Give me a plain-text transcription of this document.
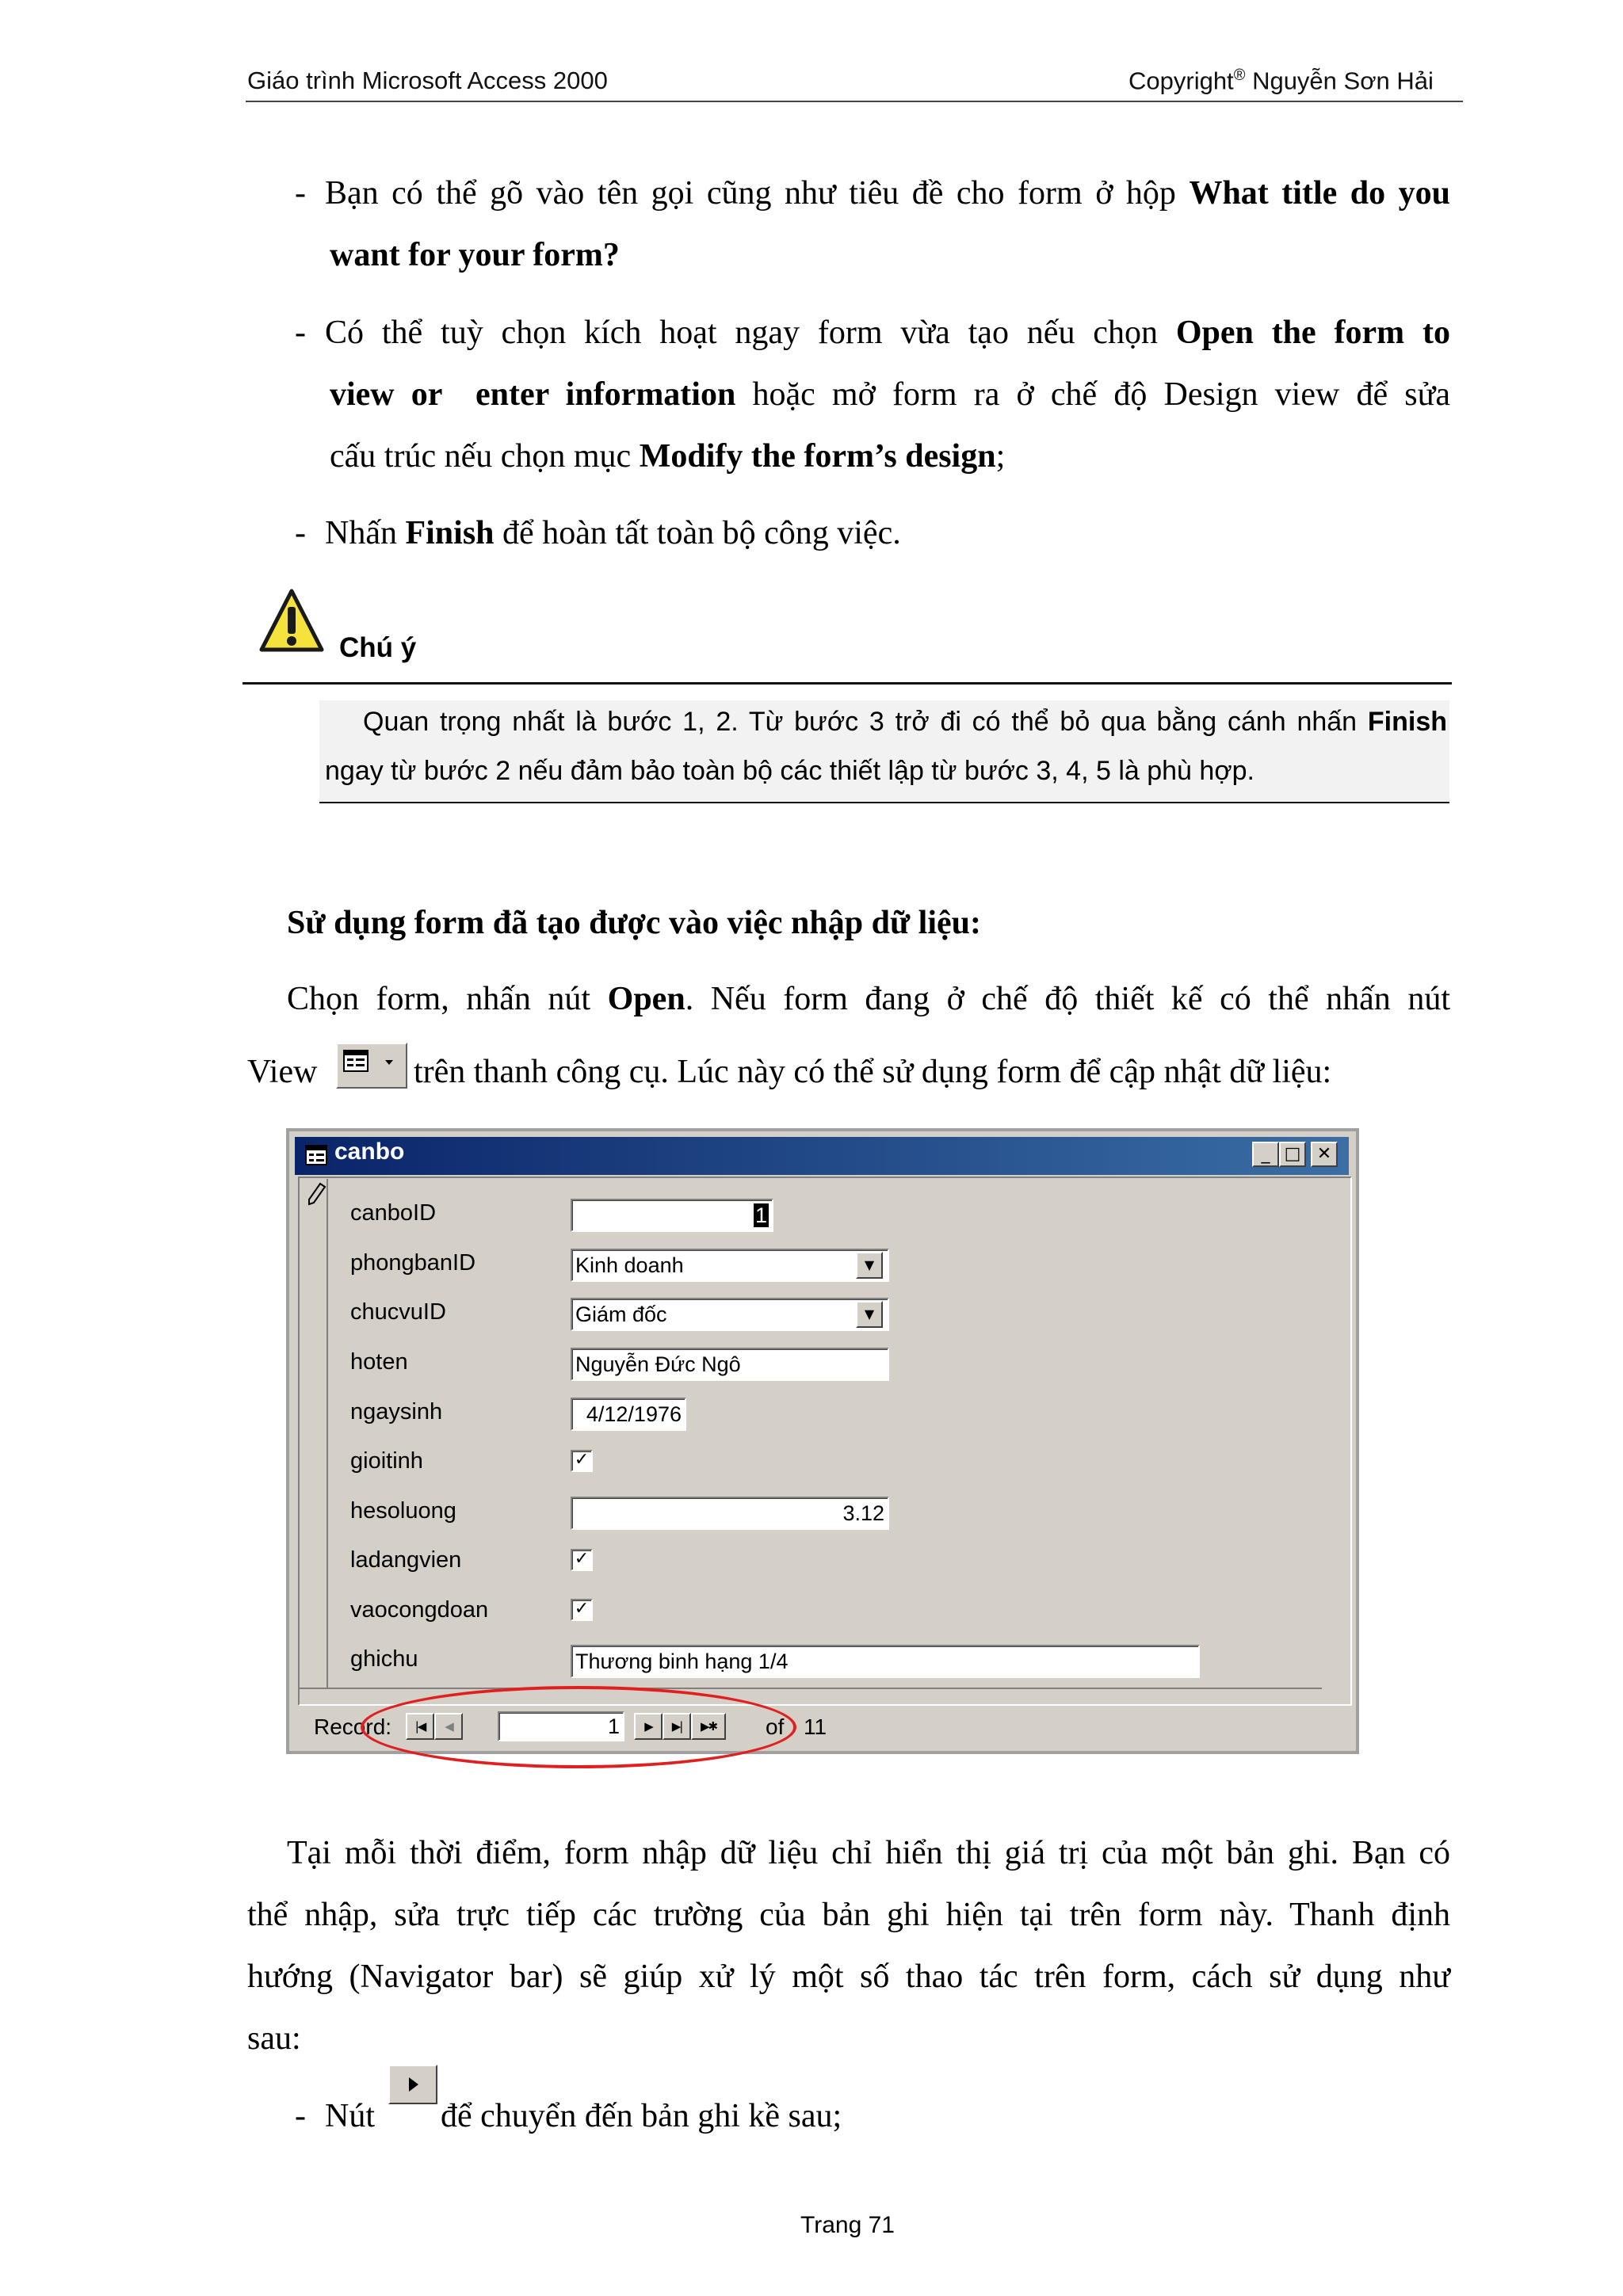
Giáo trình Microsoft Access 2000	Copyright® Nguyễn Sơn Hải
- Bạn có thể gõ vào tên gọi cũng như tiêu đề cho form ở hộp What title do you
want for your form?
- Có thể tuỳ chọn kích hoạt ngay form vừa tạo nếu chọn Open the form to
view or  enter information hoặc mở form ra ở chế độ Design view để sửa
cấu trúc nếu chọn mục Modify the form’s design;
- Nhấn Finish để hoàn tất toàn bộ công việc.
Chú ý
Quan trọng nhất là bước 1, 2. Từ bước 3 trở đi có thể bỏ qua bằng cánh nhấn Finish
ngay từ bước 2 nếu đảm bảo toàn bộ các thiết lập từ bước 3, 4, 5 là phù hợp.
Sử dụng form đã tạo được vào việc nhập dữ liệu:
Chọn form, nhấn nút Open. Nếu form đang ở chế độ thiết kế có thể nhấn nút
View	trên thanh công cụ. Lúc này có thể sử dụng form để cập nhật dữ liệu:
canbo	_ □ ✕
canboID	1
phongbanID	Kinh doanh	▼
chucvuID	Giám đốc	▼
hoten	Nguyễn Đức Ngô
ngaysinh	4/12/1976
gioitinh	✓
hesoluong	3.12
ladangvien	✓
vaocongdoan	✓
ghichu	Thương binh hạng 1/4
Record:	|◀	◀	1	▶	▶|	▶✱	of 11
Tại mỗi thời điểm, form nhập dữ liệu chỉ hiển thị giá trị của một bản ghi. Bạn có
thể nhập, sửa trực tiếp các trường của bản ghi hiện tại trên form này. Thanh định
hướng (Navigator bar) sẽ giúp xử lý một số thao tác trên form, cách sử dụng như
sau:
- Nút để chuyển đến bản ghi kề sau;
Trang 71
